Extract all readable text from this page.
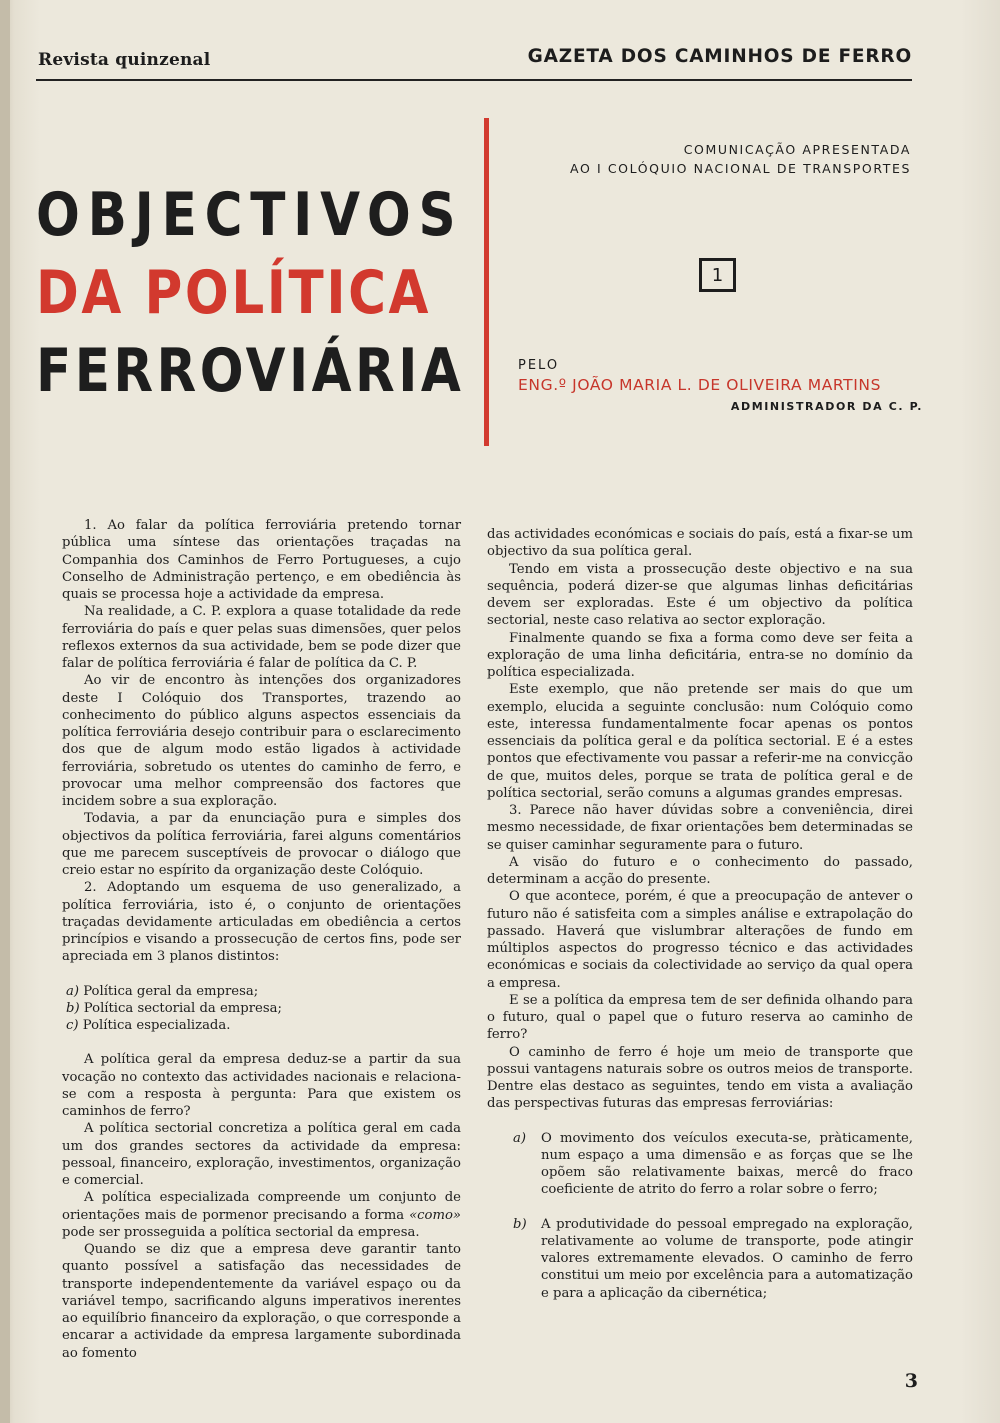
Revista quinzenal	GAZETA DOS CAMINHOS DE FERRO
OBJECTIVOS
DA POLÍTICA
FERROVIÁRIA
COMUNICAÇÃO APRESENTADA
AO I COLÓQUIO NACIONAL DE TRANSPORTES
1
PELO
ENG.º JOÃO MARIA L. DE OLIVEIRA MARTINS
ADMINISTRADOR DA C. P.

1. Ao falar da política ferroviária pretendo tornar pública uma síntese das orientações traçadas na Companhia dos Caminhos de Ferro Portugueses, a cujo Conselho de Administração pertenço, e em obediência às quais se processa hoje a actividade da empresa.

Na realidade, a C. P. explora a quase totalidade da rede ferroviária do país e quer pelas suas dimensões, quer pelos reflexos externos da sua actividade, bem se pode dizer que falar de política ferroviária é falar de política da C. P.

Ao vir de encontro às intenções dos organizadores deste I Colóquio dos Transportes, trazendo ao conhecimento do público alguns aspectos essenciais da política ferroviária desejo contribuir para o esclarecimento dos que de algum modo estão ligados à actividade ferroviária, sobretudo os utentes do caminho de ferro, e provocar uma melhor compreensão dos factores que incidem sobre a sua exploração.

Todavia, a par da enunciação pura e simples dos objectivos da política ferroviária, farei alguns comentários que me parecem susceptíveis de provocar o diálogo que creio estar no espírito da organização deste Colóquio.

2. Adoptando um esquema de uso generalizado, a política ferroviária, isto é, o conjunto de orientações traçadas devidamente articuladas em obediência a certos princípios e visando a prossecução de certos fins, pode ser apreciada em 3 planos distintos:

a) Política geral da empresa;
b) Política sectorial da empresa;
c) Política especializada.

A política geral da empresa deduz-se a partir da sua vocação no contexto das actividades nacionais e relaciona-se com a resposta à pergunta: Para que existem os caminhos de ferro?

A política sectorial concretiza a política geral em cada um dos grandes sectores da actividade da empresa: pessoal, financeiro, exploração, investimentos, organização e comercial.

A política especializada compreende um conjunto de orientações mais de pormenor precisando a forma «como» pode ser prosseguida a política sectorial da empresa.

Quando se diz que a empresa deve garantir tanto quanto possível a satisfação das necessidades de transporte independentemente da variável espaço ou da variável tempo, sacrificando alguns imperativos inerentes ao equilíbrio financeiro da exploração, o que corresponde a encarar a actividade da empresa largamente subordinada ao fomento

das actividades económicas e sociais do país, está a fixar-se um objectivo da sua política geral.

Tendo em vista a prossecução deste objectivo e na sua sequência, poderá dizer-se que algumas linhas deficitárias devem ser exploradas. Este é um objectivo da política sectorial, neste caso relativa ao sector exploração.

Finalmente quando se fixa a forma como deve ser feita a exploração de uma linha deficitária, entra-se no domínio da política especializada.

Este exemplo, que não pretende ser mais do que um exemplo, elucida a seguinte conclusão: num Colóquio como este, interessa fundamentalmente focar apenas os pontos essenciais da política geral e da política sectorial. E é a estes pontos que efectivamente vou passar a referir-me na convicção de que, muitos deles, porque se trata de política geral e de política sectorial, serão comuns a algumas grandes empresas.

3. Parece não haver dúvidas sobre a conveniência, direi mesmo necessidade, de fixar orientações bem determinadas se se quiser caminhar seguramente para o futuro.

A visão do futuro e o conhecimento do passado, determinam a acção do presente.

O que acontece, porém, é que a preocupação de antever o futuro não é satisfeita com a simples análise e extrapolação do passado. Haverá que vislumbrar alterações de fundo em múltiplos aspectos do progresso técnico e das actividades económicas e sociais da colectividade ao serviço da qual opera a empresa.

E se a política da empresa tem de ser definida olhando para o futuro, qual o papel que o futuro reserva ao caminho de ferro?

O caminho de ferro é hoje um meio de transporte que possui vantagens naturais sobre os outros meios de transporte. Dentre elas destaco as seguintes, tendo em vista a avaliação das perspectivas futuras das empresas ferroviárias:

a)	O movimento dos veículos executa-se, pràticamente, num espaço a uma dimensão e as forças que se lhe opõem são relativamente baixas, mercê do fraco coeficiente de atrito do ferro a rolar sobre o ferro;
b)	A produtividade do pessoal empregado na exploração, relativamente ao volume de transporte, pode atingir valores extremamente elevados. O caminho de ferro constitui um meio por excelência para a automatização e para a aplicação da cibernética;
3
